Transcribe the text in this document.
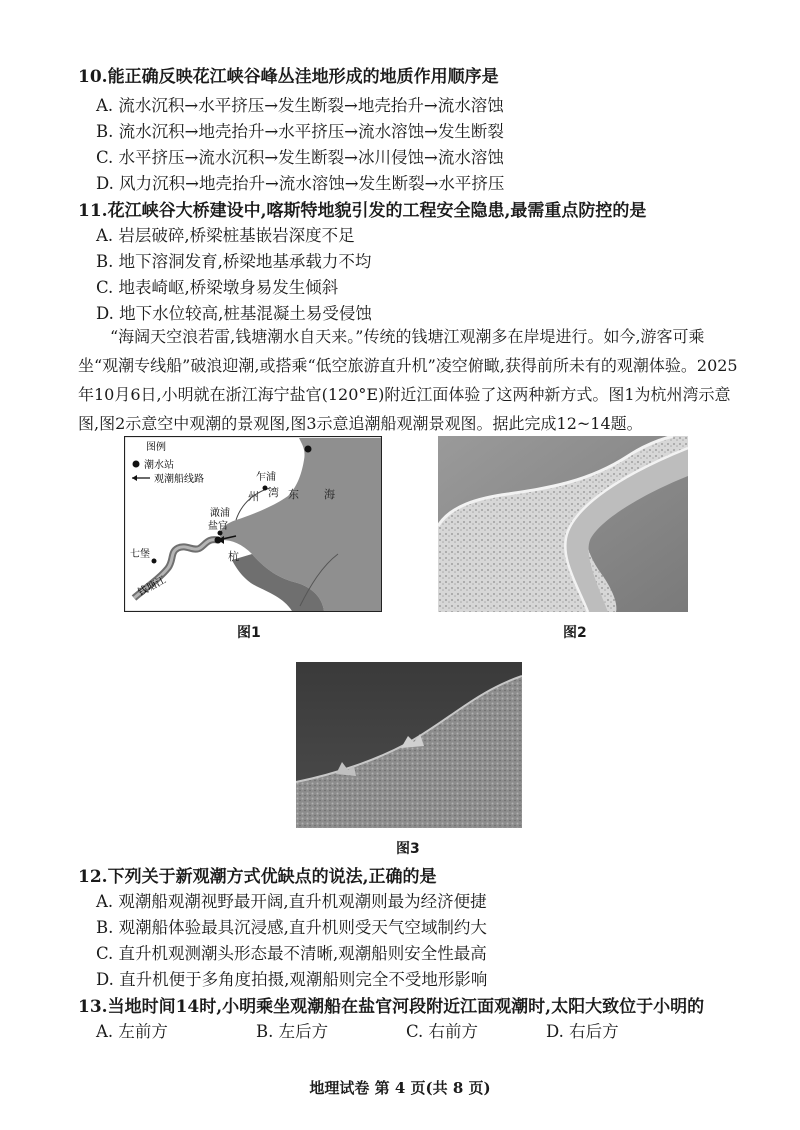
10.能正确反映花江峡谷峰丛洼地形成的地质作用顺序是
A. 流水沉积→水平挤压→发生断裂→地壳抬升→流水溶蚀
B. 流水沉积→地壳抬升→水平挤压→流水溶蚀→发生断裂
C. 水平挤压→流水沉积→发生断裂→冰川侵蚀→流水溶蚀
D. 风力沉积→地壳抬升→流水溶蚀→发生断裂→水平挤压
11.花江峡谷大桥建设中,喀斯特地貌引发的工程安全隐患,最需重点防控的是
A. 岩层破碎,桥梁桩基嵌岩深度不足
B. 地下溶洞发育,桥梁地基承载力不均
C. 地表崎岖,桥梁墩身易发生倾斜
D. 地下水位较高,桩基混凝土易受侵蚀
“海阔天空浪若雷,钱塘潮水自天来。”传统的钱塘江观潮多在岸堤进行。如今,游客可乘坐“观潮专线船”破浪迎潮,或搭乘“低空旅游直升机”凌空俯瞰,获得前所未有的观潮体验。2025年10月6日,小明就在浙江海宁盐官(120°E)附近江面体验了这两种新方式。图1为杭州湾示意图,图2示意空中观潮的景观图,图3示意追潮船观潮景观图。据此完成12~14题。
图例
潮水站
观潮船线路	乍浦
澉浦
盐官
七堡
钱塘江
杭
州 湾 东 海
图1	图2
图3
12.下列关于新观潮方式优缺点的说法,正确的是
A. 观潮船观潮视野最开阔,直升机观潮则最为经济便捷
B. 观潮船体验最具沉浸感,直升机则受天气空域制约大
C. 直升机观测潮头形态最不清晰,观潮船则安全性最高
D. 直升机便于多角度拍摄,观潮船则完全不受地形影响
13.当地时间14时,小明乘坐观潮船在盐官河段附近江面观潮时,太阳大致位于小明的
A. 左前方	B. 左后方	C. 右前方	D. 右后方
地理试卷 第 4 页(共 8 页)
